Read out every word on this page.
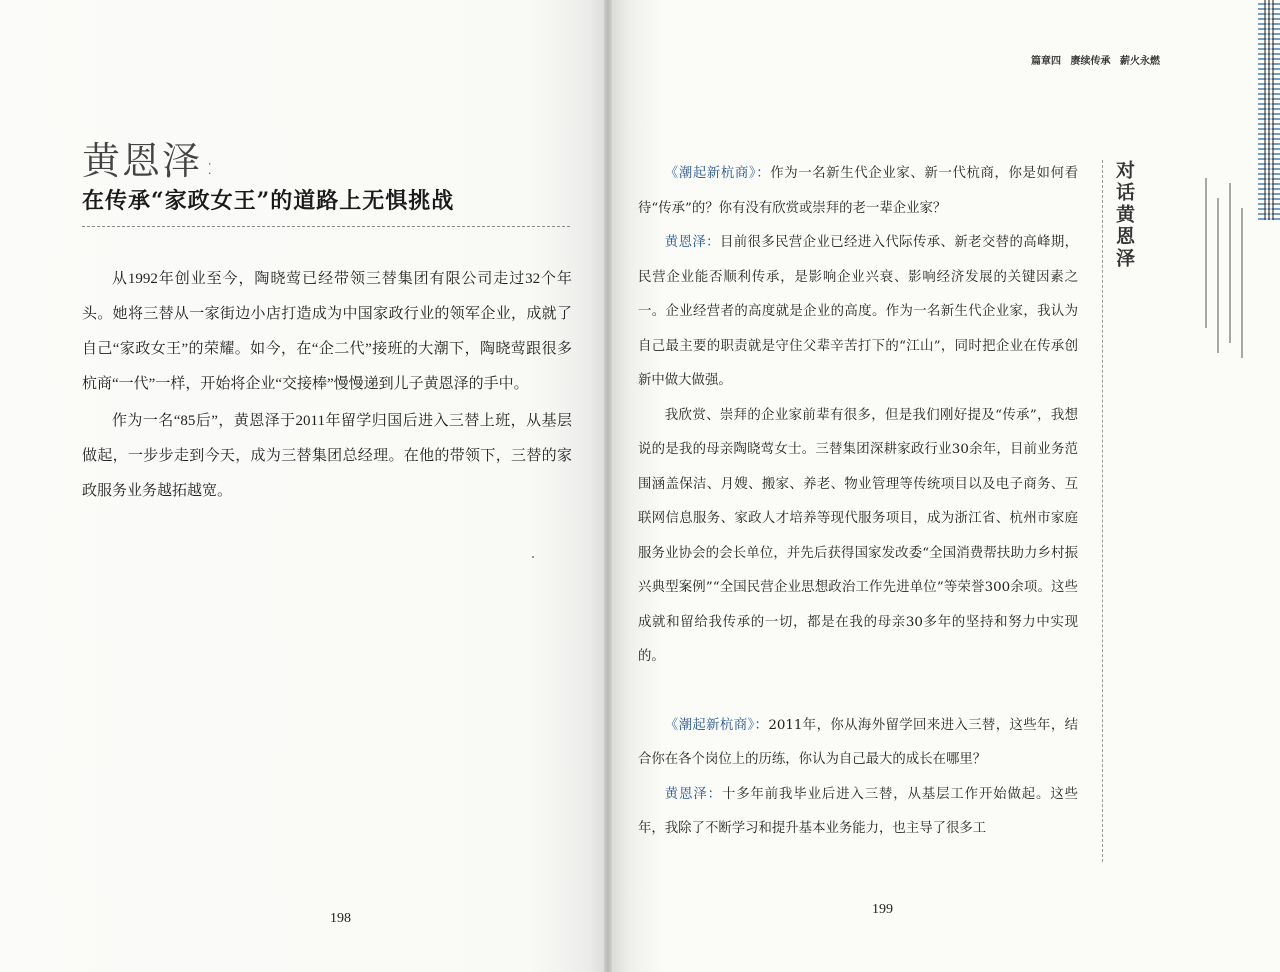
黄恩泽 :
在传承“家政女王”的道路上无惧挑战

从1992年创业至今，陶晓莺已经带领三替集团有限公司走过32个年头。她将三替从一家街边小店打造成为中国家政行业的领军企业，成就了自己“家政女王”的荣耀。如今，在“企二代”接班的大潮下，陶晓莺跟很多杭商“一代”一样，开始将企业“交接棒”慢慢递到儿子黄恩泽的手中。

作为一名“85后”，黄恩泽于2011年留学归国后进入三替上班，从基层做起，一步步走到今天，成为三替集团总经理。在他的带领下，三替的家政服务业务越拓越宽。

198
篇章四 赓续传承 薪火永燃

《潮起新杭商》：作为一名新生代企业家、新一代杭商，你是如何看待“传承”的？你有没有欣赏或崇拜的老一辈企业家？

黄恩泽：目前很多民营企业已经进入代际传承、新老交替的高峰期，民营企业能否顺利传承，是影响企业兴衰、影响经济发展的关键因素之一。企业经营者的高度就是企业的高度。作为一名新生代企业家，我认为自己最主要的职责就是守住父辈辛苦打下的“江山”，同时把企业在传承创新中做大做强。

我欣赏、崇拜的企业家前辈有很多，但是我们刚好提及“传承”，我想说的是我的母亲陶晓莺女士。三替集团深耕家政行业30余年，目前业务范围涵盖保洁、月嫂、搬家、养老、物业管理等传统项目以及电子商务、互联网信息服务、家政人才培养等现代服务项目，成为浙江省、杭州市家庭服务业协会的会长单位，并先后获得国家发改委“全国消费帮扶助力乡村振兴典型案例”“全国民营企业思想政治工作先进单位”等荣誉300余项。这些成就和留给我传承的一切，都是在我的母亲30多年的坚持和努力中实现的。

《潮起新杭商》：2011年，你从海外留学回来进入三替，这些年，结合你在各个岗位上的历练，你认为自己最大的成长在哪里？

黄恩泽：十多年前我毕业后进入三替，从基层工作开始做起。这些年，我除了不断学习和提升基本业务能力，也主导了很多工

对话黄恩泽
199
